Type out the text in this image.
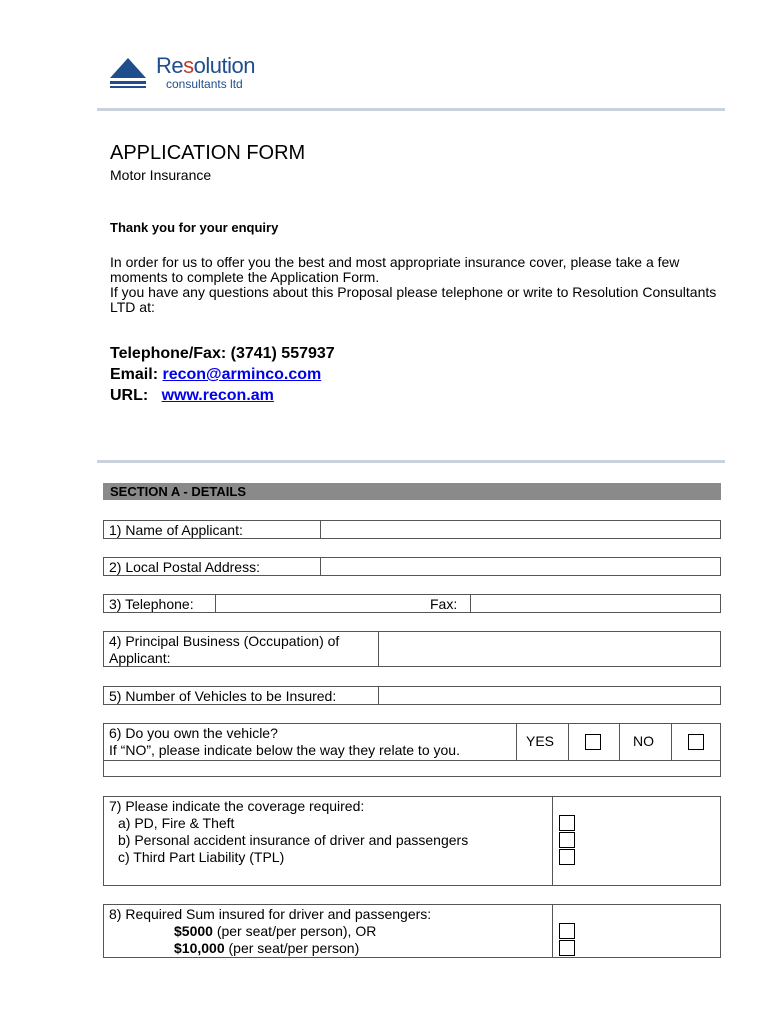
Resolution
consultants ltd
APPLICATION FORM
Motor Insurance
Thank you for your enquiry
In order for us to offer you the best and most appropriate insurance cover, please take a few moments to complete the Application Form.
If you have any questions about this Proposal please telephone or write to Resolution Consultants LTD at:
Telephone/Fax: (3741) 557937
Email: recon@arminco.com
URL: www.recon.am
SECTION A - DETAILS
1) Name of Applicant:
2) Local Postal Address:
3) Telephone:	Fax:
4) Principal Business (Occupation) of
Applicant:
5) Number of Vehicles to be Insured:
6) Do you own the vehicle?
If “NO”, please indicate below the way they relate to you.
YES	NO
7) Please indicate the coverage required:
a) PD, Fire & Theft
b) Personal accident insurance of driver and passengers
c) Third Part Liability (TPL)
8) Required Sum insured for driver and passengers:
$5000 (per seat/per person), OR
$10,000 (per seat/per person)
